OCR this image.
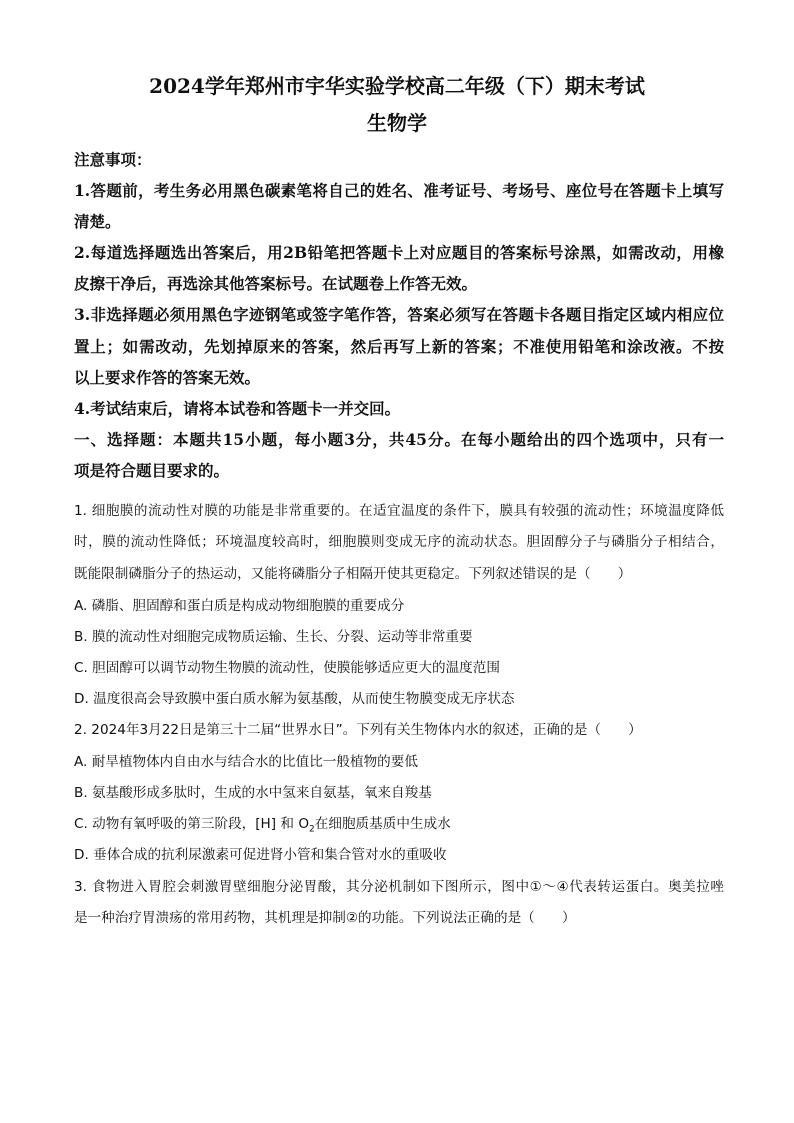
2024学年郑州市宇华实验学校高二年级（下）期末考试
生物学
注意事项：
1.答题前，考生务必用黑色碳素笔将自己的姓名、准考证号、考场号、座位号在答题卡上填写
清楚。
2.每道选择题选出答案后，用2B铅笔把答题卡上对应题目的答案标号涂黑，如需改动，用橡
皮擦干净后，再选涂其他答案标号。在试题卷上作答无效。
3.非选择题必须用黑色字迹钢笔或签字笔作答，答案必须写在答题卡各题目指定区域内相应位
置上；如需改动，先划掉原来的答案，然后再写上新的答案；不准使用铅笔和涂改液。不按
以上要求作答的答案无效。
4.考试结束后，请将本试卷和答题卡一并交回。
一、选择题：本题共15小题，每小题3分，共45分。在每小题给出的四个选项中，只有一
项是符合题目要求的。
1. 细胞膜的流动性对膜的功能是非常重要的。在适宜温度的条件下，膜具有较强的流动性；环境温度降低
时，膜的流动性降低；环境温度较高时，细胞膜则变成无序的流动状态。胆固醇分子与磷脂分子相结合，
既能限制磷脂分子的热运动，又能将磷脂分子相隔开使其更稳定。下列叙述错误的是（　　）
A. 磷脂、胆固醇和蛋白质是构成动物细胞膜的重要成分
B. 膜的流动性对细胞完成物质运输、生长、分裂、运动等非常重要
C. 胆固醇可以调节动物生物膜的流动性，使膜能够适应更大的温度范围
D. 温度很高会导致膜中蛋白质水解为氨基酸，从而使生物膜变成无序状态
2. 2024年3月22日是第三十二届“世界水日”。下列有关生物体内水的叙述，正确的是（　　）
A. 耐旱植物体内自由水与结合水的比值比一般植物的要低
B. 氨基酸形成多肽时，生成的水中氢来自氨基，氧来自羧基
C. 动物有氧呼吸的第三阶段，[H] 和 $O_2$在细胞质基质中生成水
D. 垂体合成的抗利尿激素可促进肾小管和集合管对水的重吸收
3. 食物进入胃腔会刺激胃壁细胞分泌胃酸，其分泌机制如下图所示，图中①～④代表转运蛋白。奥美拉唑
是一种治疗胃溃疡的常用药物，其机理是抑制②的功能。下列说法正确的是（　　）
